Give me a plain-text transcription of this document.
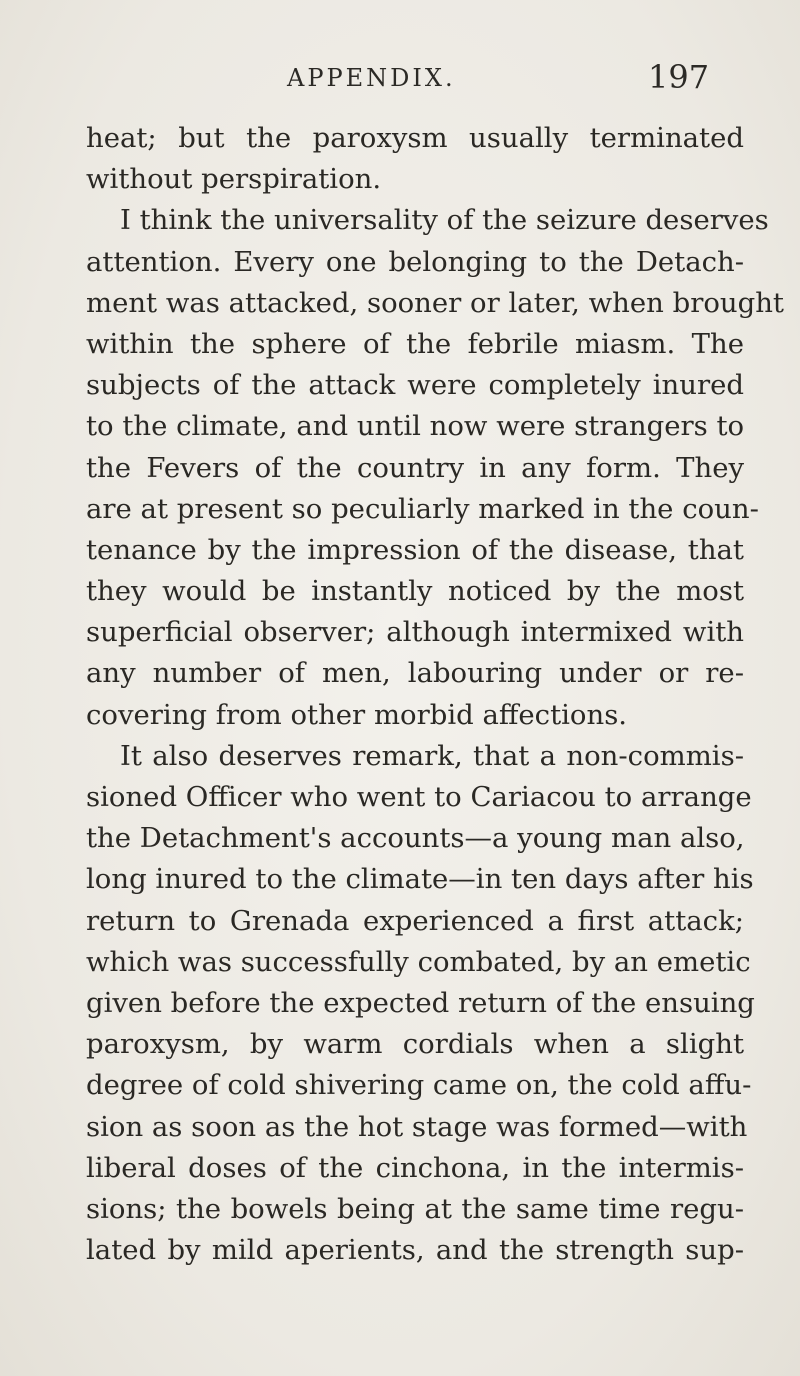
APPENDIX.	197
heat; but the paroxysm usually terminated
without perspiration.
I think the universality of the seizure deserves
attention. Every one belonging to the Detach-
ment was attacked, sooner or later, when brought
within the sphere of the febrile miasm. The
subjects of the attack were completely inured
to the climate, and until now were strangers to
the Fevers of the country in any form. They
are at present so peculiarly marked in the coun-
tenance by the impression of the disease, that
they would be instantly noticed by the most
superficial observer; although intermixed with
any number of men, labouring under or re-
covering from other morbid affections.
It also deserves remark, that a non-commis-
sioned Officer who went to Cariacou to arrange
the Detachment's accounts—a young man also,
long inured to the climate—in ten days after his
return to Grenada experienced a first attack;
which was successfully combated, by an emetic
given before the expected return of the ensuing
paroxysm, by warm cordials when a slight
degree of cold shivering came on, the cold affu-
sion as soon as the hot stage was formed—with
liberal doses of the cinchona, in the intermis-
sions; the bowels being at the same time regu-
lated by mild aperients, and the strength sup-
